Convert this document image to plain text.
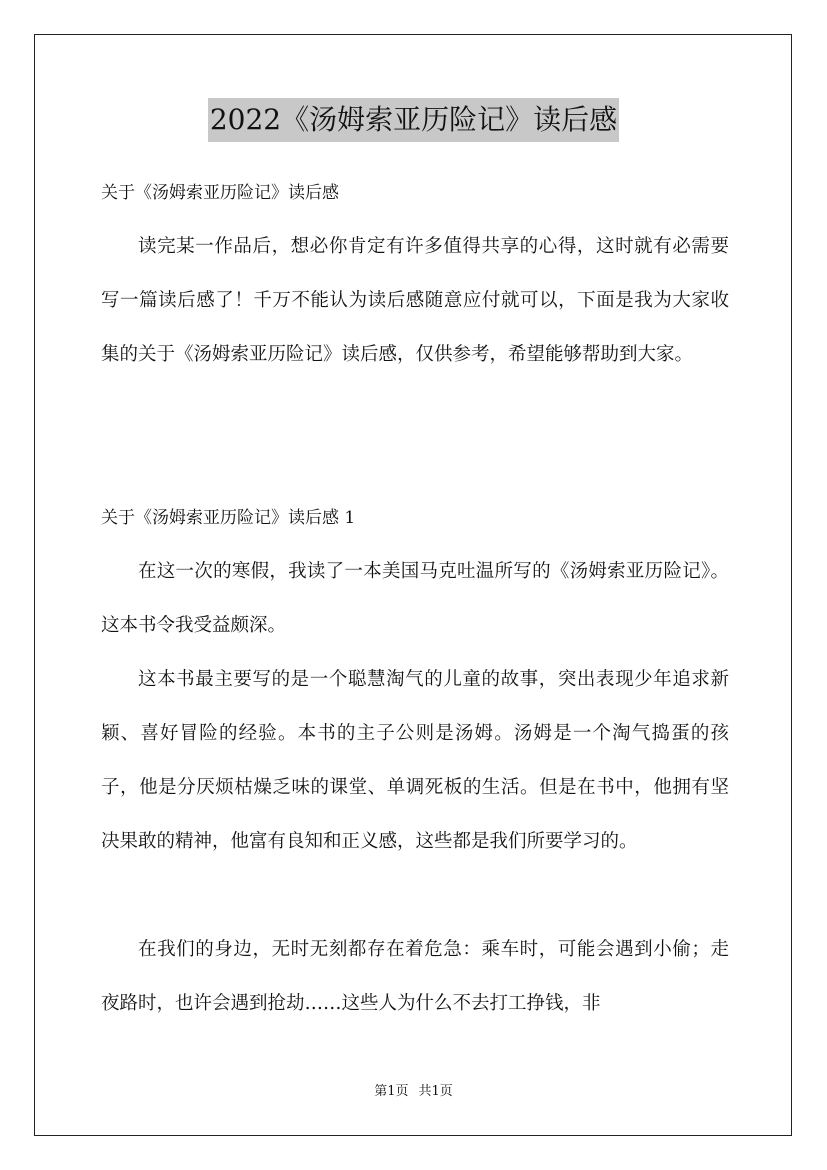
2022《汤姆索亚历险记》读后感
关于《汤姆索亚历险记》读后感

读完某一作品后，想必你肯定有许多值得共享的心得，这时就有必需要写一篇读后感了！千万不能认为读后感随意应付就可以，下面是我为大家收集的关于《汤姆索亚历险记》读后感，仅供参考，希望能够帮助到大家。

关于《汤姆索亚历险记》读后感 1

在这一次的寒假，我读了一本美国马克吐温所写的《汤姆索亚历险记》。这本书令我受益颇深。

这本书最主要写的是一个聪慧淘气的儿童的故事，突出表现少年追求新颖、喜好冒险的经验。本书的主子公则是汤姆。汤姆是一个淘气捣蛋的孩子，他是分厌烦枯燥乏味的课堂、单调死板的生活。但是在书中，他拥有坚决果敢的精神，他富有良知和正义感，这些都是我们所要学习的。

在我们的身边，无时无刻都存在着危急：乘车时，可能会遇到小偷；走夜路时，也许会遇到抢劫……这些人为什么不去打工挣钱，非

第1页 共1页
